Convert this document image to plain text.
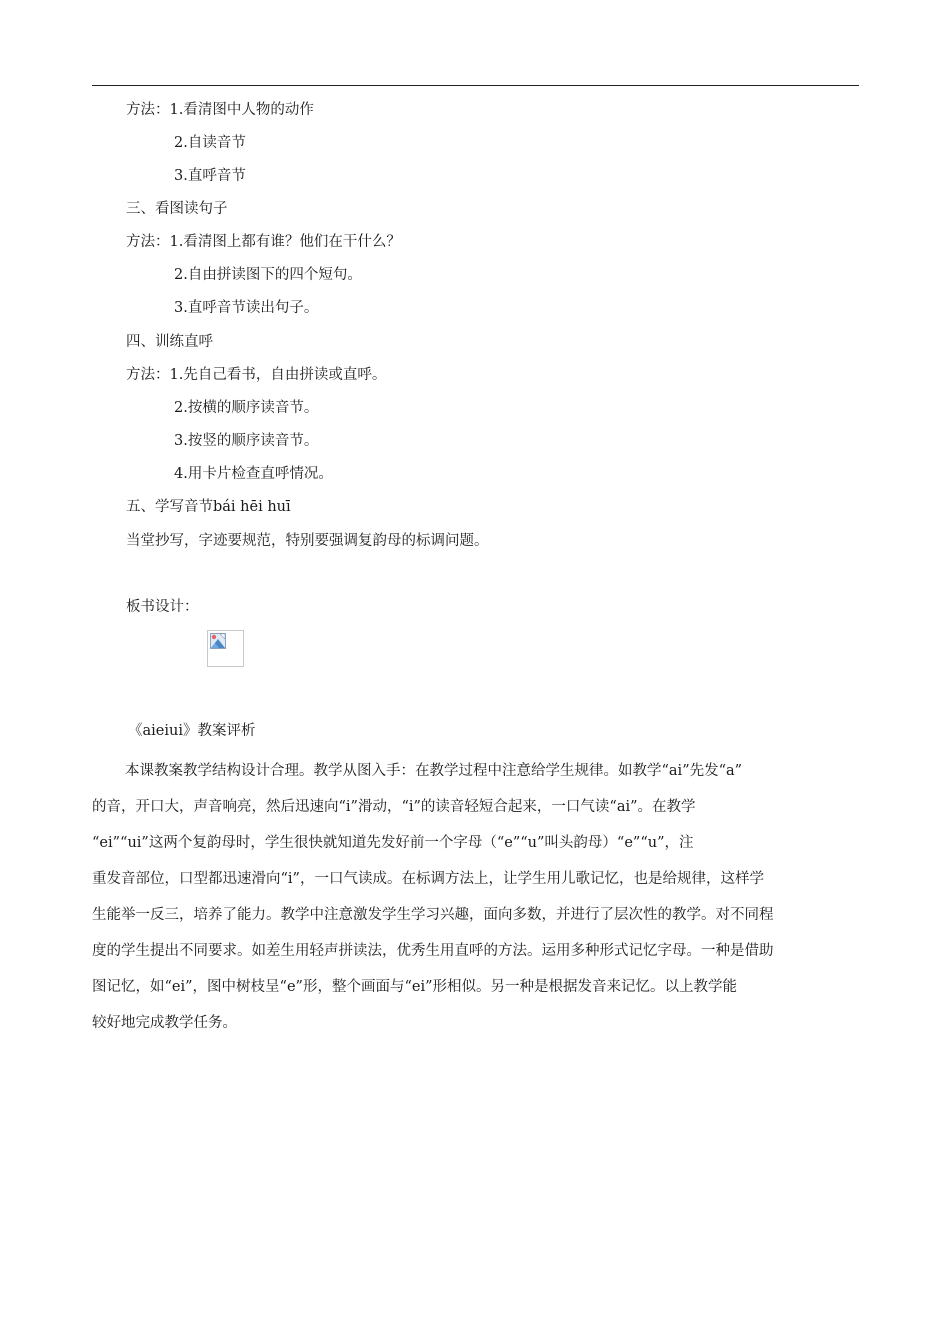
方法：1.看清图中人物的动作
2.自读音节
3.直呼音节
三、看图读句子
方法：1.看清图上都有谁？他们在干什么？
2.自由拼读图下的四个短句。
3.直呼音节读出句子。
四、训练直呼
方法：1.先自己看书，自由拼读或直呼。
2.按横的顺序读音节。
3.按竖的顺序读音节。
4.用卡片检查直呼情况。
五、学写音节bái hēi huī
当堂抄写，字迹要规范，特别要强调复韵母的标调问题。
板书设计：
《aieiui》教案评析
本课教案教学结构设计合理。教学从图入手：在教学过程中注意给学生规律。如教学“ai”先发“a”
的音，开口大，声音响亮，然后迅速向“i”滑动，“i”的读音轻短合起来，一口气读“ai”。在教学
“ei”“ui”这两个复韵母时，学生很快就知道先发好前一个字母（“e”“u”叫头韵母）“e”“u”，注
重发音部位，口型都迅速滑向“i”，一口气读成。在标调方法上，让学生用儿歌记忆，也是给规律，这样学
生能举一反三，培养了能力。教学中注意激发学生学习兴趣，面向多数，并进行了层次性的教学。对不同程
度的学生提出不同要求。如差生用轻声拼读法，优秀生用直呼的方法。运用多种形式记忆字母。一种是借助
图记忆，如“ei”，图中树枝呈“e”形，整个画面与“ei”形相似。另一种是根据发音来记忆。以上教学能
较好地完成教学任务。
